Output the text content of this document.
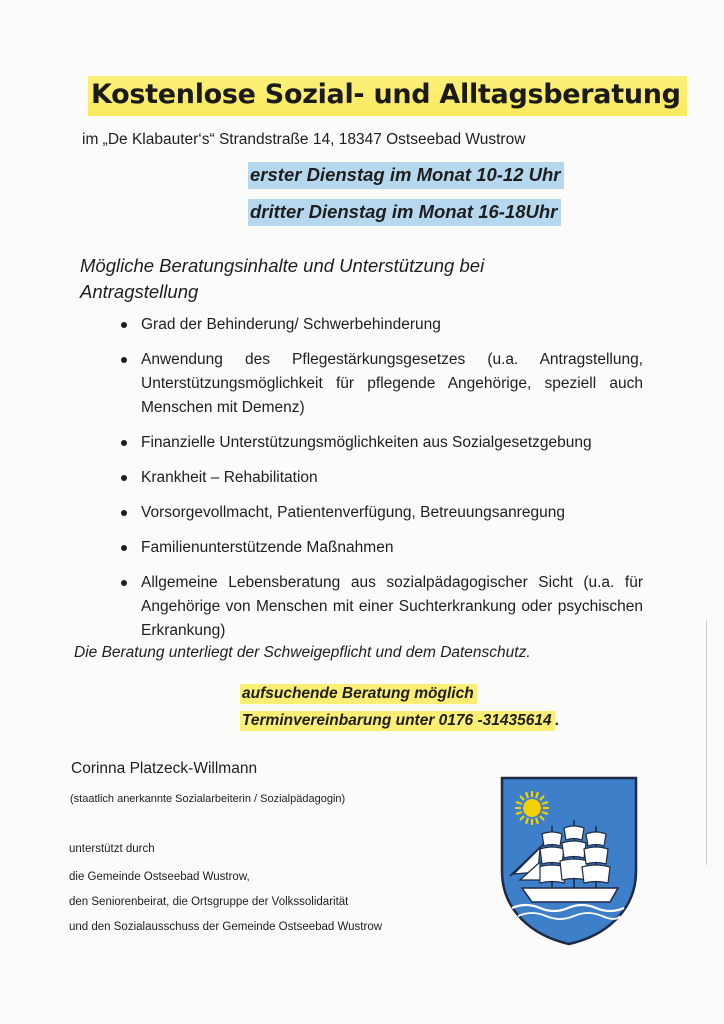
Kostenlose Sozial- und Alltagsberatung
im „De Klabauter‘s“ Strandstraße 14, 18347 Ostseebad Wustrow
erster Dienstag im Monat 10-12 Uhr
dritter Dienstag im Monat 16-18Uhr
Mögliche Beratungsinhalte und Unterstützung bei Antragstellung
Grad der Behinderung/ Schwerbehinderung
Anwendung des Pflegestärkungsgesetzes (u.a. Antragstellung, Unterstützungsmöglichkeit für pflegende Angehörige, speziell auch Menschen mit Demenz)
Finanzielle Unterstützungsmöglichkeiten aus Sozialgesetzgebung
Krankheit – Rehabilitation
Vorsorgevollmacht, Patientenverfügung, Betreuungsanregung
Familienunterstützende Maßnahmen
Allgemeine Lebensberatung aus sozialpädagogischer Sicht (u.a. für Angehörige von Menschen mit einer Suchterkrankung oder psychischen Erkrankung)
Die Beratung unterliegt der Schweigepflicht und dem Datenschutz.
aufsuchende Beratung möglich
Terminvereinbarung unter 0176 -31435614 .
Corinna Platzeck-Willmann
(staatlich anerkannte Sozialarbeiterin / Sozialpädagogin)
unterstützt durch
die Gemeinde Ostseebad Wustrow,
den Seniorenbeirat, die Ortsgruppe der Volkssolidarität
und den Sozialausschuss der Gemeinde Ostseebad Wustrow
